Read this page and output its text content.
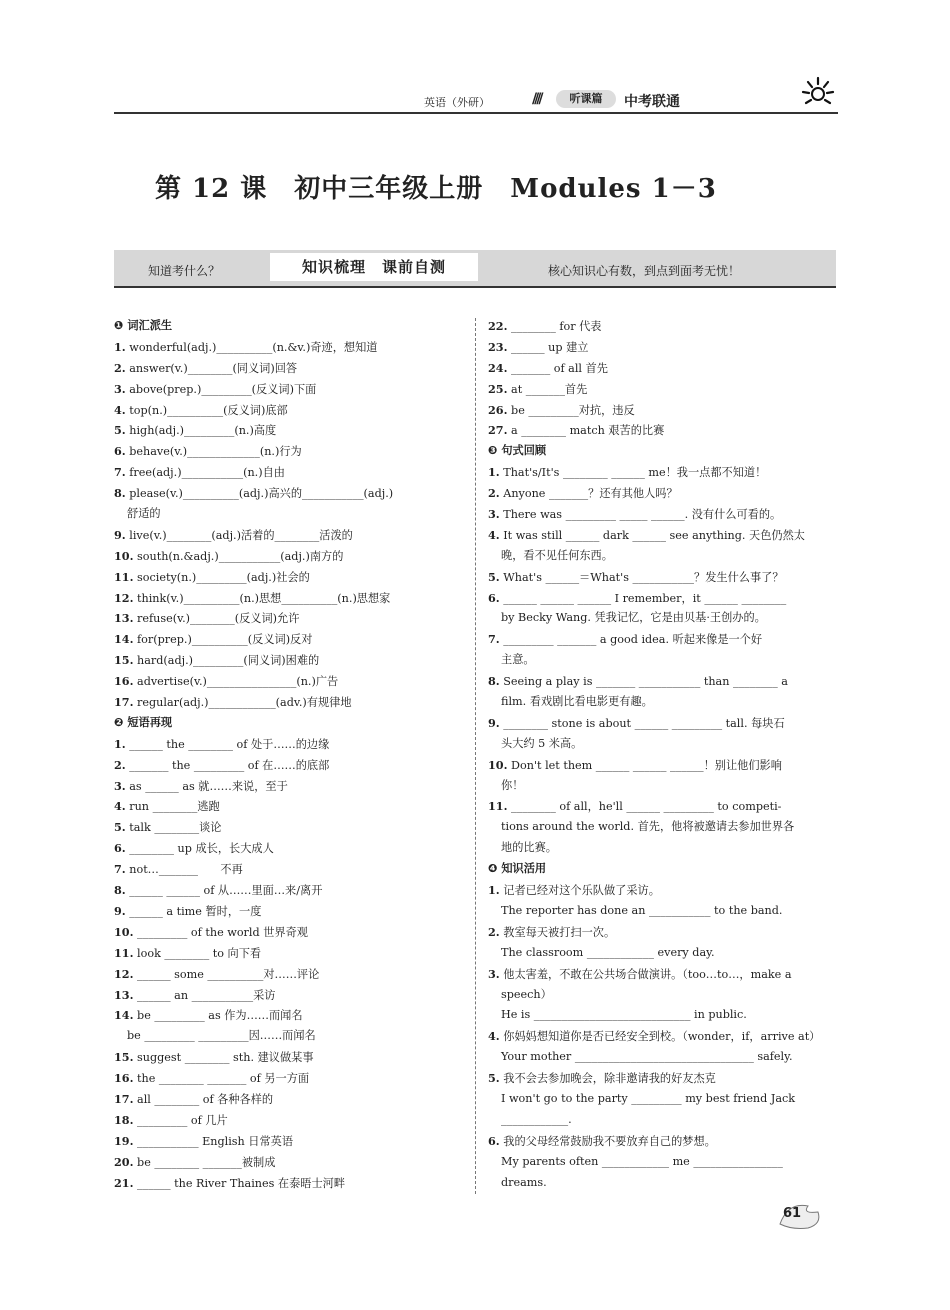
英语（外研）	////	听课篇	中考联通
第 12 课　初中三年级上册　Modules 1－3
知道考什么？	知识梳理　课前自测	核心知识心有数，到点到面考无忧！
❶ 词汇派生
1. wonderful(adj.)__________(n.&v.)奇迹，想知道
2. answer(v.)________(同义词)回答
3. above(prep.)_________(反义词)下面
4. top(n.)__________(反义词)底部
5. high(adj.)_________(n.)高度
6. behave(v.)_____________(n.)行为
7. free(adj.)___________(n.)自由
8. please(v.)__________(adj.)高兴的___________(adj.)
舒适的
9. live(v.)________(adj.)活着的________活泼的
10. south(n.&adj.)___________(adj.)南方的
11. society(n.)_________(adj.)社会的
12. think(v.)__________(n.)思想__________(n.)思想家
13. refuse(v.)________(反义词)允许
14. for(prep.)__________(反义词)反对
15. hard(adj.)_________(同义词)困难的
16. advertise(v.)________________(n.)广告
17. regular(adj.)____________(adv.)有规律地
❷ 短语再现
1. ______ the ________ of 处于……的边缘
2. _______ the _________ of 在……的底部
3. as ______ as 就……来说，至于
4. run ________逃跑
5. talk ________谈论
6. ________ up 成长，长大成人
7. not…_______　　不再
8. ______ ______ of 从……里面…来/离开
9. ______ a time 暂时，一度
10. _________ of the world 世界奇观
11. look ________ to 向下看
12. ______ some __________对……评论
13. ______ an ___________采访
14. be _________ as 作为……而闻名
be _________ _________因……而闻名
15. suggest ________ sth. 建议做某事
16. the ________ _______ of 另一方面
17. all ________ of 各种各样的
18. _________ of 几片
19. ___________ English 日常英语
20. be ________ _______被制成
21. ______ the River Thaines 在泰晤士河畔
22. ________ for 代表
23. ______ up 建立
24. _______ of all 首先
25. at _______首先
26. be _________对抗，违反
27. a ________ match 艰苦的比赛
❸ 句式回顾
1. That's/It's ________ ______ me！我一点都不知道！
2. Anyone _______？还有其他人吗？
3. There was _________ _____ ______. 没有什么可看的。
4. It was still ______ dark ______ see anything. 天色仍然太
晚，看不见任何东西。
5. What's ______＝What's ___________？发生什么事了？
6. ______ ______ ______ I remember，it ______ ________
by Becky Wang. 凭我记忆，它是由贝基·王创办的。
7. _________ _______ a good idea. 听起来像是一个好
主意。
8. Seeing a play is _______ ___________ than ________ a
film. 看戏剧比看电影更有趣。
9. ________ stone is about ______ _________ tall. 每块石
头大约 5 米高。
10. Don't let them ______ ______ ______！别让他们影响
你！
11. ________ of all，he'll ______ _________ to competi-
tions around the world. 首先，他将被邀请去参加世界各
地的比赛。
❹ 知识活用
1. 记者已经对这个乐队做了采访。
The reporter has done an ___________ to the band.
2. 教室每天被打扫一次。
The classroom ____________ every day.
3. 他太害羞，不敢在公共场合做演讲。（too…to…，make a
speech）
He is ____________________________ in public.
4. 你妈妈想知道你是否已经安全到校。（wonder，if，arrive at）
Your mother ________________________________ safely.
5. 我不会去参加晚会，除非邀请我的好友杰克
I won't go to the party _________ my best friend Jack
____________.
6. 我的父母经常鼓励我不要放弃自己的梦想。
My parents often ____________ me ________________
dreams.
61
